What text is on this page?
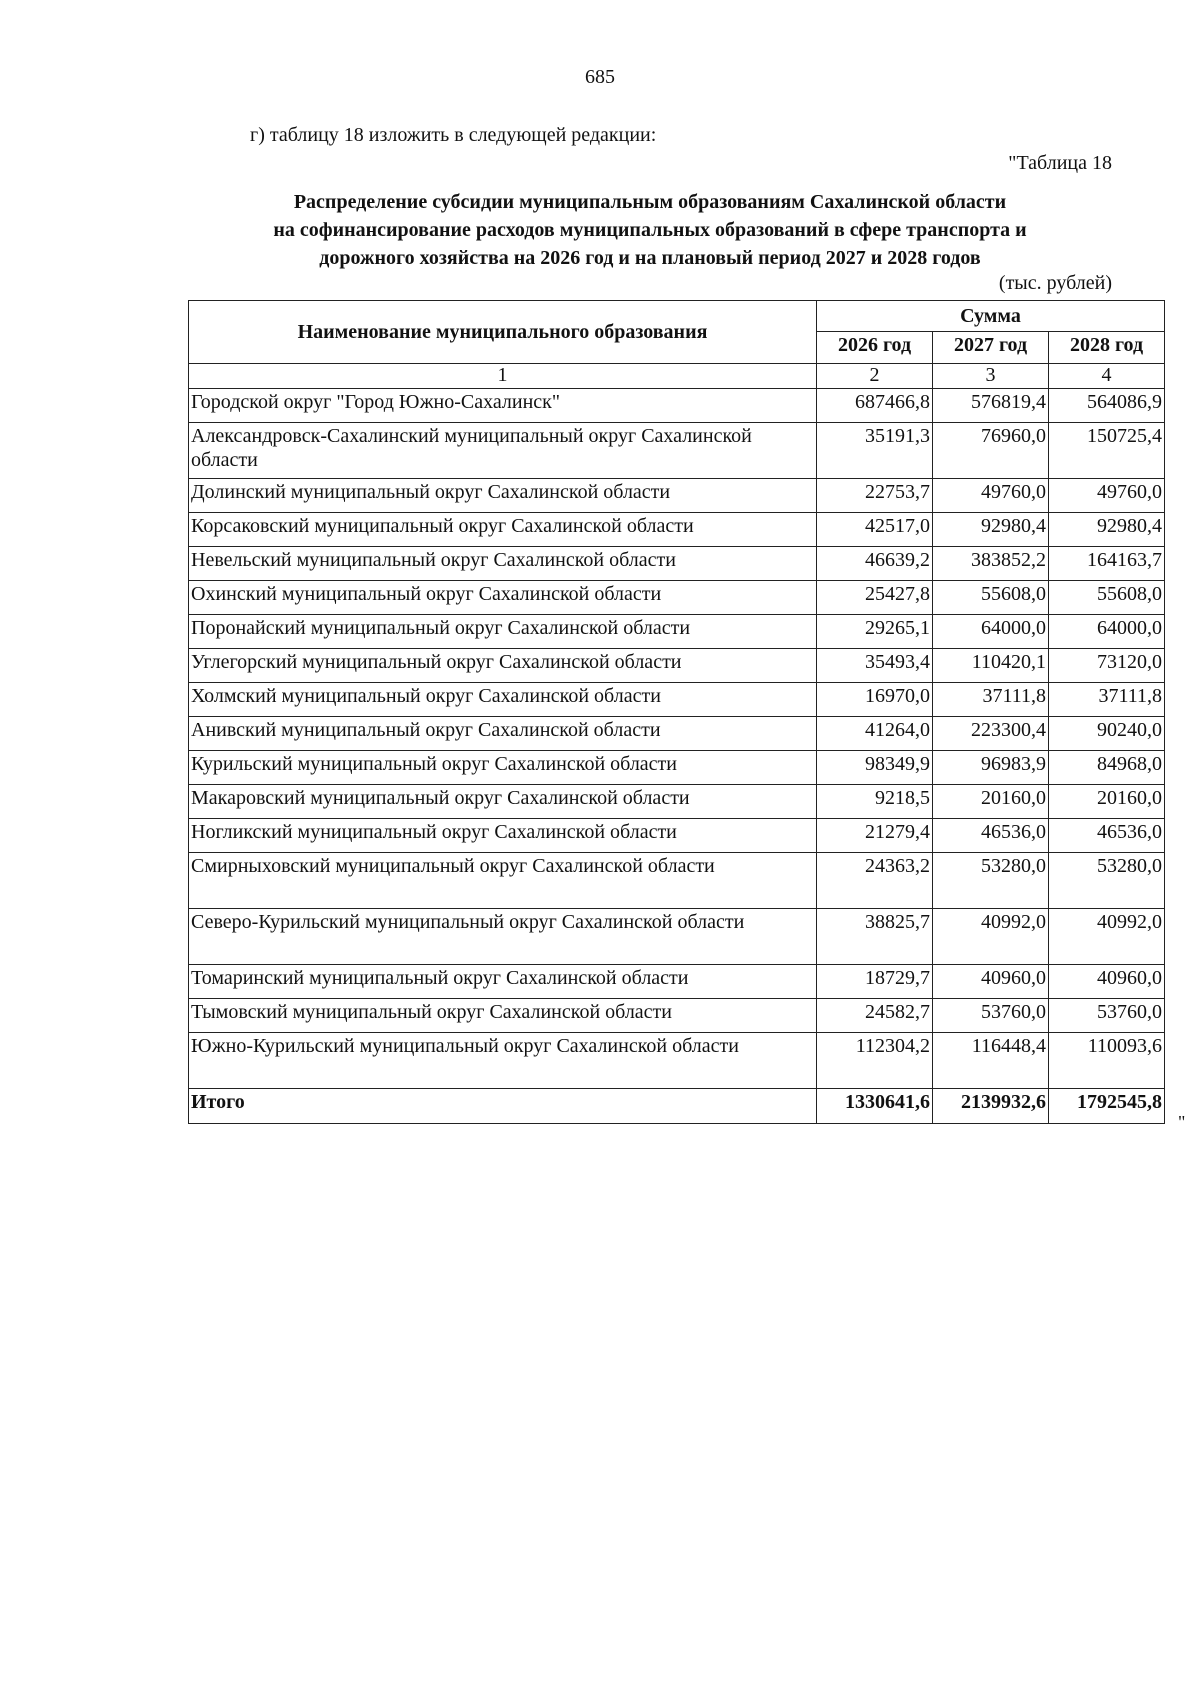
685
г) таблицу 18 изложить в следующей редакции:
"Таблица 18
Распределение субсидии муниципальным образованиям Сахалинской области
на софинансирование расходов муниципальных образований в сфере транспорта и
дорожного хозяйства на 2026 год и на плановый период 2027 и 2028 годов
(тыс. рублей)
Наименование муниципального образования	Сумма		
	2026 год	2027 год	2028 год
1	2	3	4
Городской округ "Город Южно-Сахалинск"	687466,8	576819,4	564086,9
Александровск-Сахалинский муниципальный округ Сахалинской области	35191,3	76960,0	150725,4
Долинский муниципальный округ Сахалинской области	22753,7	49760,0	49760,0
Корсаковский муниципальный округ Сахалинской области	42517,0	92980,4	92980,4
Невельский муниципальный округ Сахалинской области	46639,2	383852,2	164163,7
Охинский муниципальный округ Сахалинской области	25427,8	55608,0	55608,0
Поронайский муниципальный округ Сахалинской области	29265,1	64000,0	64000,0
Углегорский муниципальный округ Сахалинской области	35493,4	110420,1	73120,0
Холмский муниципальный округ Сахалинской области	16970,0	37111,8	37111,8
Анивский муниципальный округ Сахалинской области	41264,0	223300,4	90240,0
Курильский муниципальный округ Сахалинской области	98349,9	96983,9	84968,0
Макаровский муниципальный округ Сахалинской области	9218,5	20160,0	20160,0
Ногликский муниципальный округ Сахалинской области	21279,4	46536,0	46536,0
Смирныховский муниципальный округ Сахалинской области	24363,2	53280,0	53280,0
Северо-Курильский муниципальный округ Сахалинской области	38825,7	40992,0	40992,0
Томаринский муниципальный округ Сахалинской области	18729,7	40960,0	40960,0
Тымовский муниципальный округ Сахалинской области	24582,7	53760,0	53760,0
Южно-Курильский муниципальный округ Сахалинской области	112304,2	116448,4	110093,6
Итого	1330641,6	2139932,6	1792545,8
"
